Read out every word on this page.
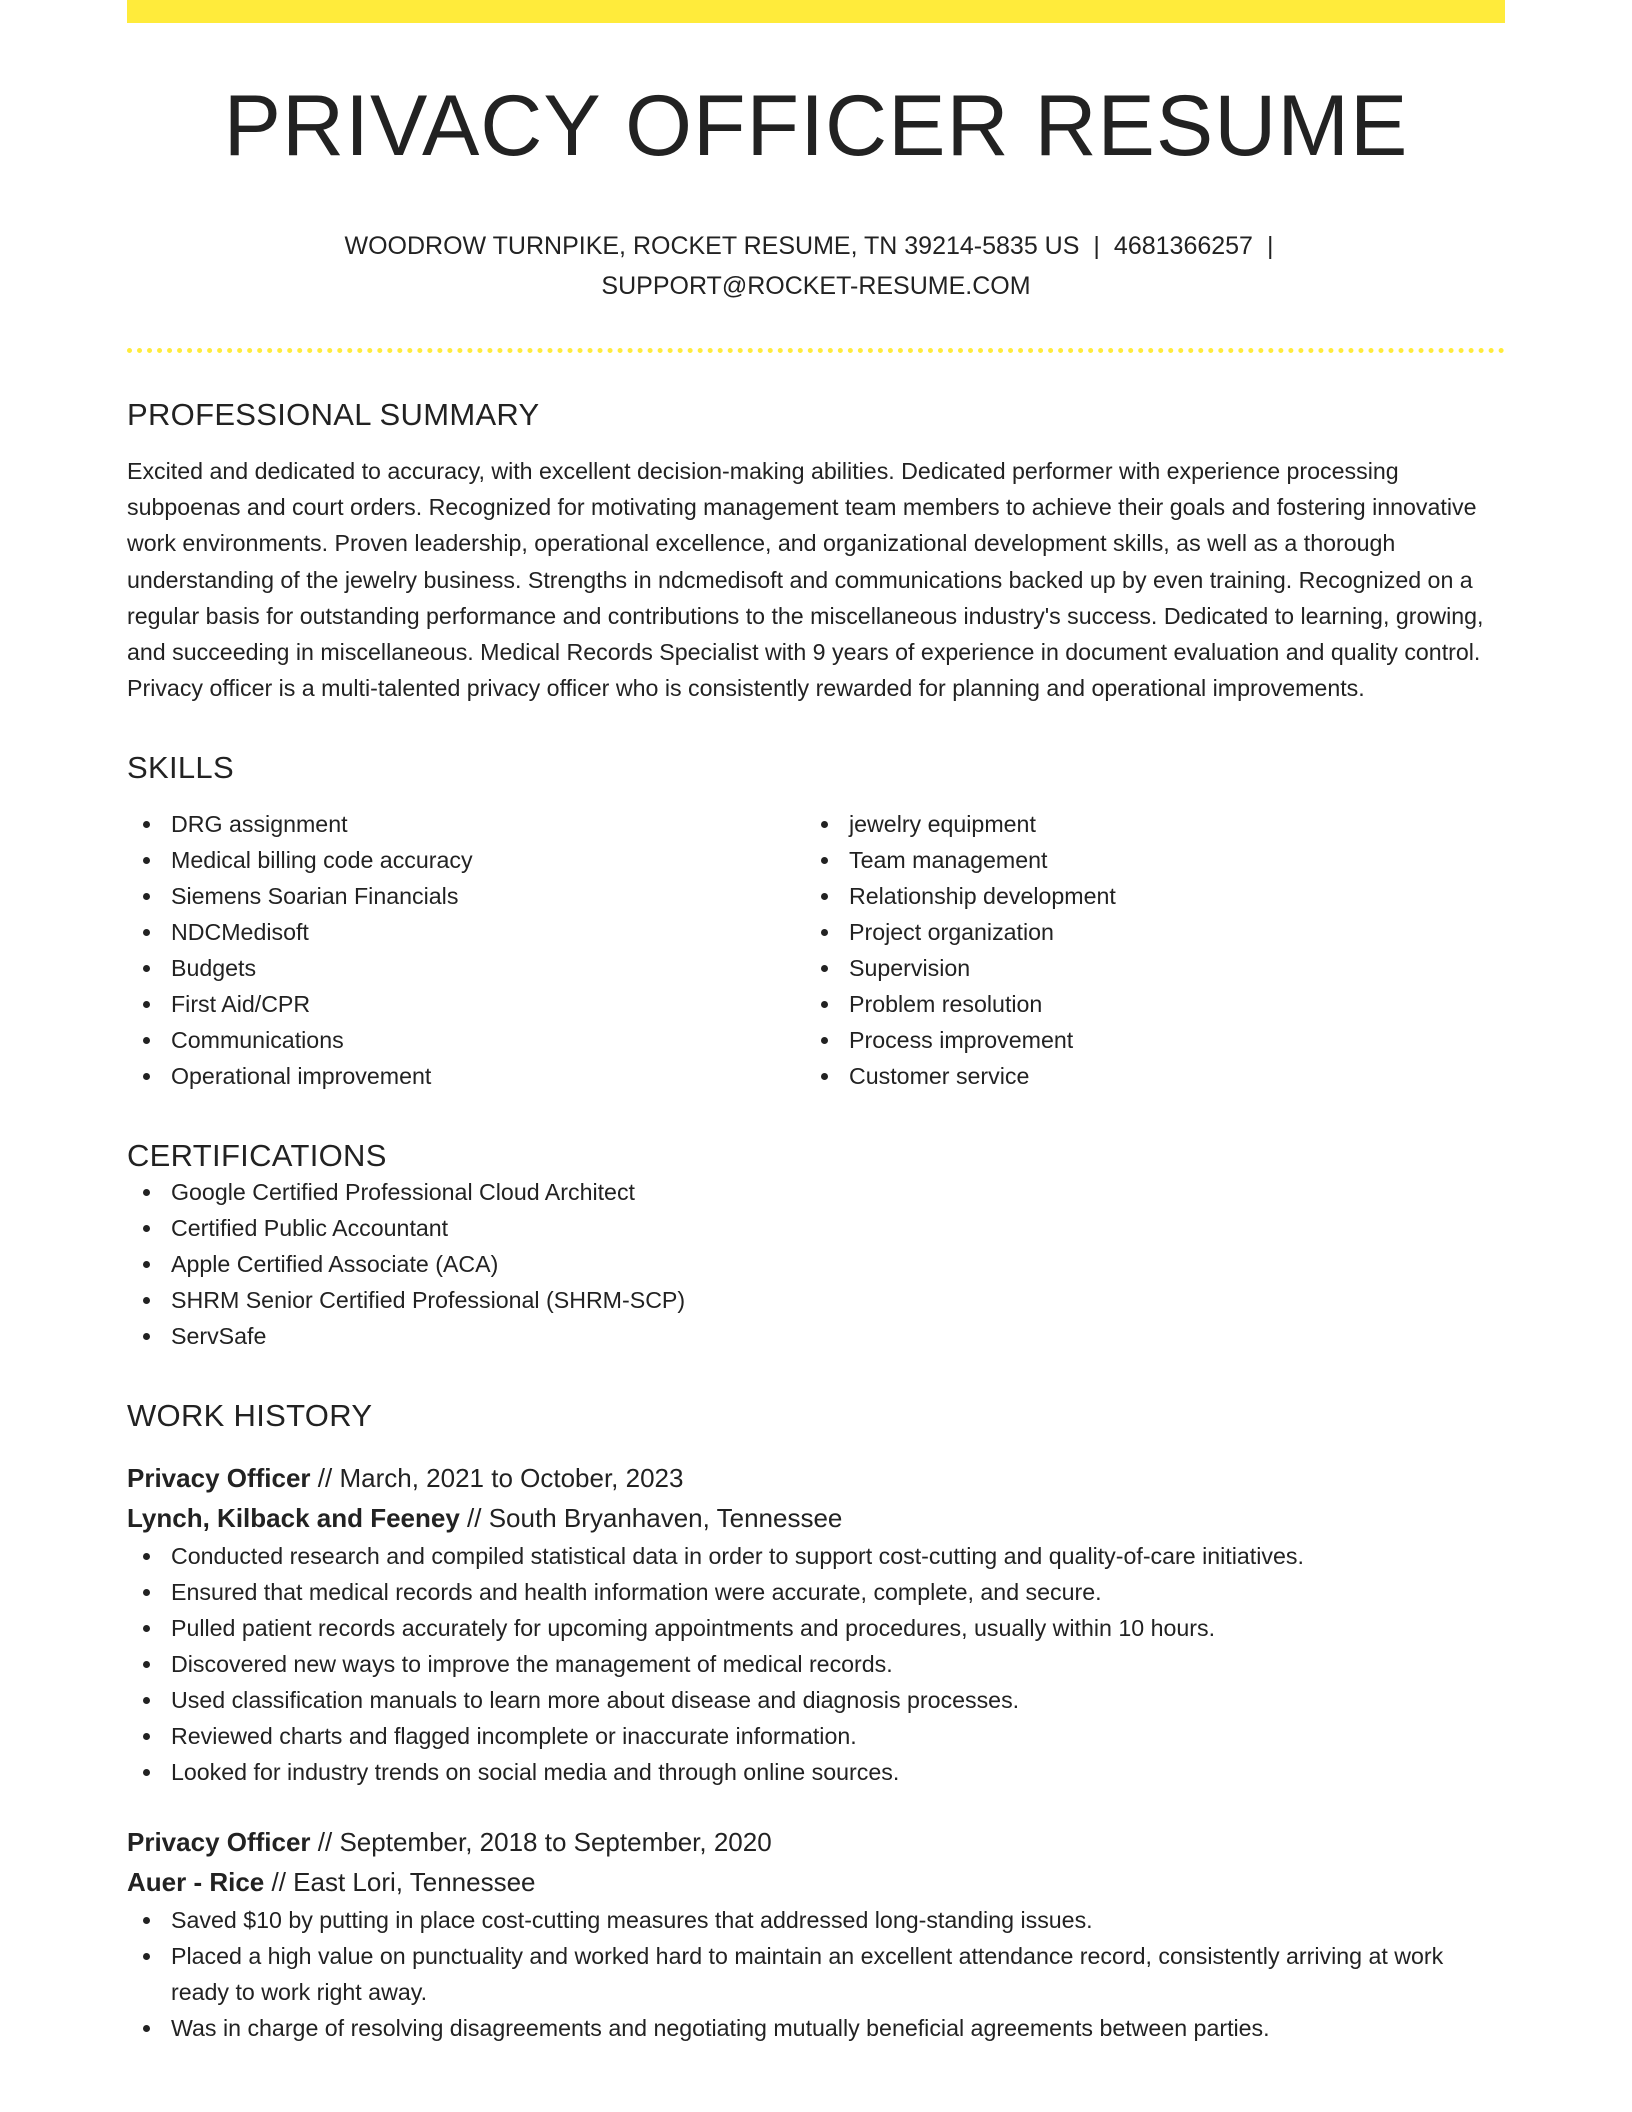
PRIVACY OFFICER RESUME
WOODROW TURNPIKE, ROCKET RESUME, TN 39214-5835 US | 4681366257 |
SUPPORT@ROCKET-RESUME.COM
PROFESSIONAL SUMMARY
Excited and dedicated to accuracy, with excellent decision-making abilities. Dedicated performer with experience processing subpoenas and court orders. Recognized for motivating management team members to achieve their goals and fostering innovative work environments. Proven leadership, operational excellence, and organizational development skills, as well as a thorough understanding of the jewelry business. Strengths in ndcmedisoft and communications backed up by even training. Recognized on a regular basis for outstanding performance and contributions to the miscellaneous industry's success. Dedicated to learning, growing, and succeeding in miscellaneous. Medical Records Specialist with 9 years of experience in document evaluation and quality control. Privacy officer is a multi-talented privacy officer who is consistently rewarded for planning and operational improvements.
SKILLS
DRG assignment
Medical billing code accuracy
Siemens Soarian Financials
NDCMedisoft
Budgets
First Aid/CPR
Communications
Operational improvement
jewelry equipment
Team management
Relationship development
Project organization
Supervision
Problem resolution
Process improvement
Customer service
CERTIFICATIONS
Google Certified Professional Cloud Architect
Certified Public Accountant
Apple Certified Associate (ACA)
SHRM Senior Certified Professional (SHRM-SCP)
ServSafe
WORK HISTORY
Privacy Officer // March, 2021 to October, 2023
Lynch, Kilback and Feeney // South Bryanhaven, Tennessee
Conducted research and compiled statistical data in order to support cost-cutting and quality-of-care initiatives.
Ensured that medical records and health information were accurate, complete, and secure.
Pulled patient records accurately for upcoming appointments and procedures, usually within 10 hours.
Discovered new ways to improve the management of medical records.
Used classification manuals to learn more about disease and diagnosis processes.
Reviewed charts and flagged incomplete or inaccurate information.
Looked for industry trends on social media and through online sources.
Privacy Officer // September, 2018 to September, 2020
Auer - Rice // East Lori, Tennessee
Saved $10 by putting in place cost-cutting measures that addressed long-standing issues.
Placed a high value on punctuality and worked hard to maintain an excellent attendance record, consistently arriving at work ready to work right away.
Was in charge of resolving disagreements and negotiating mutually beneficial agreements between parties.
